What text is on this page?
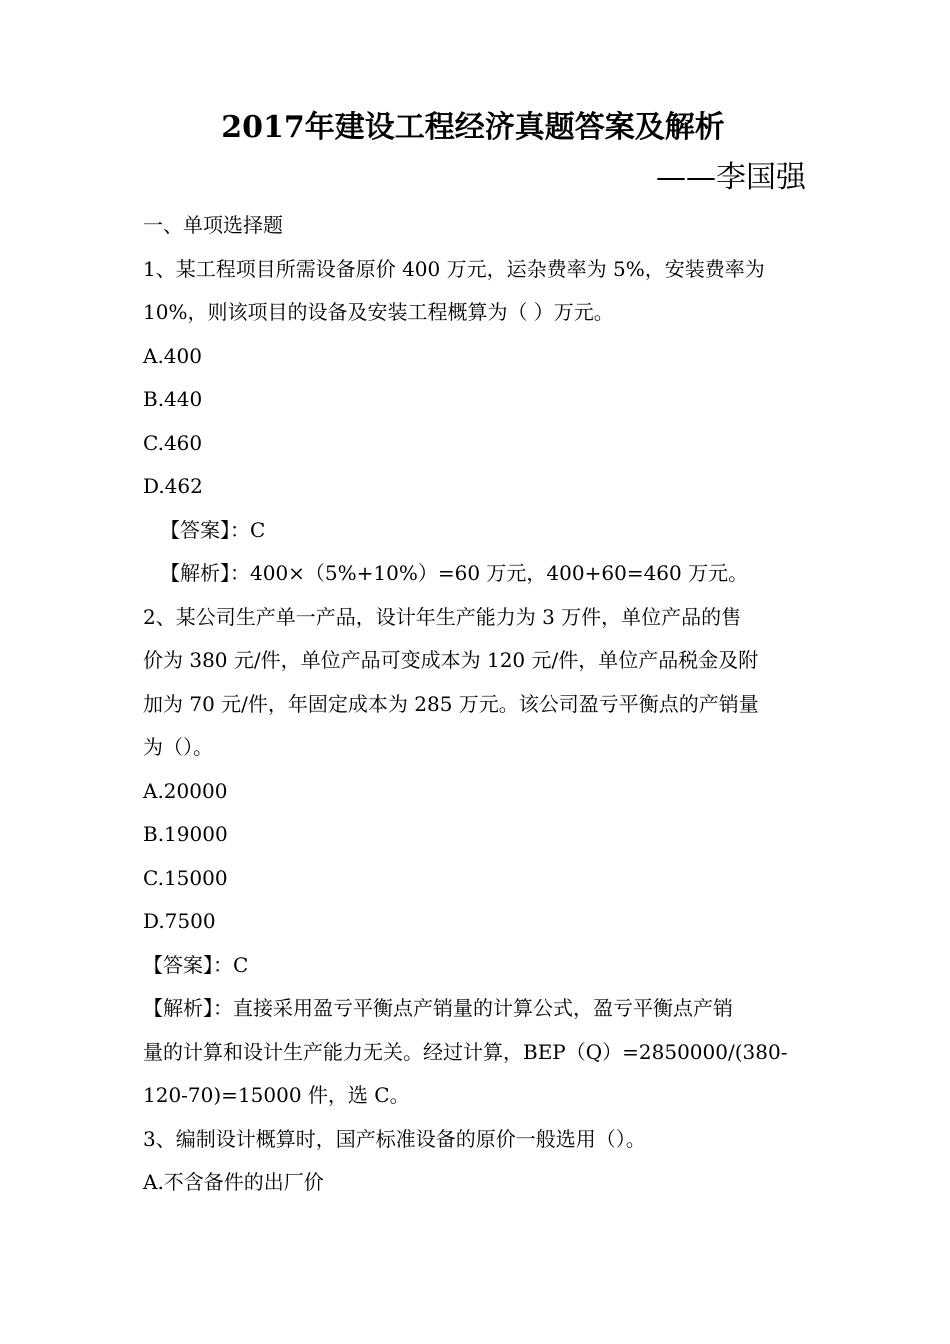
2017年建设工程经济真题答案及解析
——李国强
一、单项选择题
1、某工程项目所需设备原价 400 万元，运杂费率为 5%，安装费率为
10%，则该项目的设备及安装工程概算为（ ）万元。
A.400
B.440
C.460
D.462
【答案】：C
【解析】：400×（5%+10%）=60 万元，400+60=460 万元。
2、某公司生产单一产品，设计年生产能力为 3 万件，单位产品的售
价为 380 元/件，单位产品可变成本为 120 元/件，单位产品税金及附
加为 70 元/件，年固定成本为 285 万元。该公司盈亏平衡点的产销量
为（）。
A.20000
B.19000
C.15000
D.7500
【答案】：C
【解析】：直接采用盈亏平衡点产销量的计算公式，盈亏平衡点产销
量的计算和设计生产能力无关。经过计算，BEP（Q）=2850000/(380-
120-70)=15000 件，选 C。
3、编制设计概算时，国产标准设备的原价一般选用（）。
A.不含备件的出厂价
